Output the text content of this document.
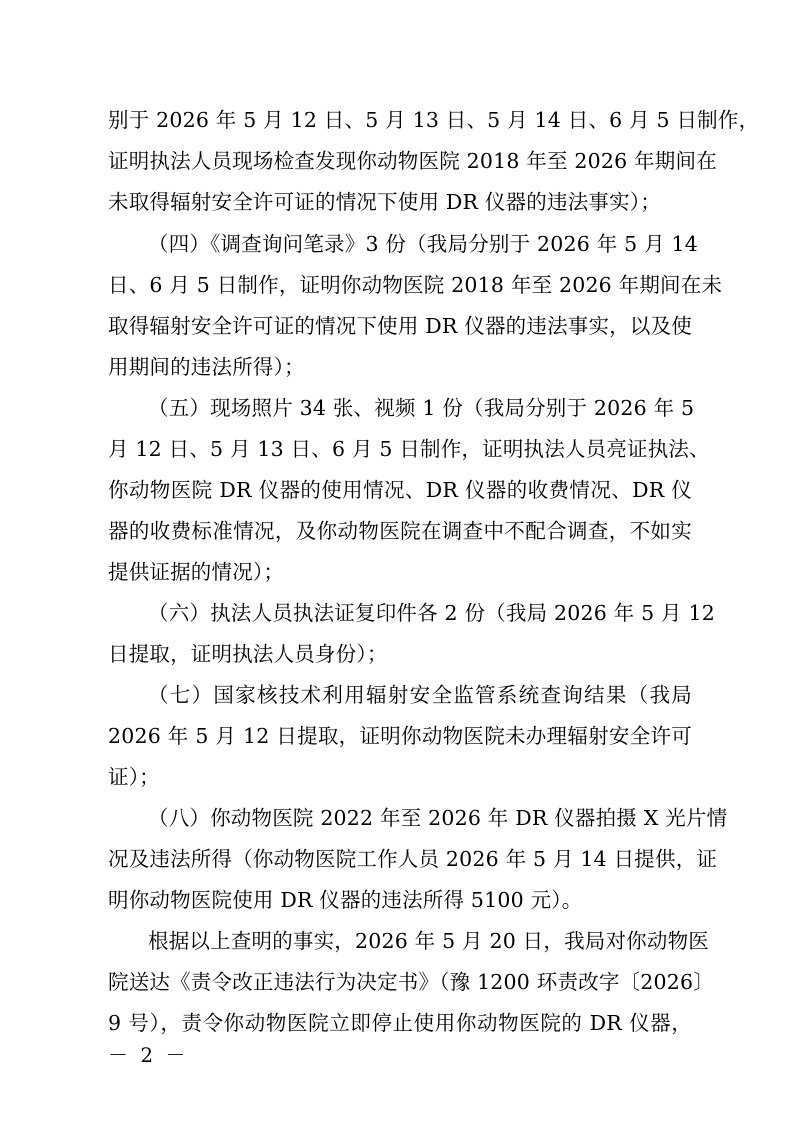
别于 2026 年 5 月 12 日、5 月 13 日、5 月 14 日、6 月 5 日制作，
证明执法人员现场检查发现你动物医院 2018 年至 2026 年期间在
未取得辐射安全许可证的情况下使用 DR 仪器的违法事实）；
（四）《调查询问笔录》3 份（我局分别于 2026 年 5 月 14
日、6 月 5 日制作，证明你动物医院 2018 年至 2026 年期间在未
取得辐射安全许可证的情况下使用 DR 仪器的违法事实，以及使
用期间的违法所得）；
（五）现场照片 34 张、视频 1 份（我局分别于 2026 年 5
月 12 日、5 月 13 日、6 月 5 日制作，证明执法人员亮证执法、
你动物医院 DR 仪器的使用情况、DR 仪器的收费情况、DR 仪
器的收费标准情况，及你动物医院在调查中不配合调查，不如实
提供证据的情况）；
（六）执法人员执法证复印件各 2 份（我局 2026 年 5 月 12
日提取，证明执法人员身份）；
（七）国家核技术利用辐射安全监管系统查询结果（我局
2026 年 5 月 12 日提取，证明你动物医院未办理辐射安全许可
证）；
（八）你动物医院 2022 年至 2026 年 DR 仪器拍摄 X 光片情
况及违法所得（你动物医院工作人员 2026 年 5 月 14 日提供，证
明你动物医院使用 DR 仪器的违法所得 5100 元）。
根据以上查明的事实，2026 年 5 月 20 日，我局对你动物医
院送达《责令改正违法行为决定书》（豫 1200 环责改字〔2026〕
9 号），责令你动物医院立即停止使用你动物医院的 DR 仪器，
－ 2 －
